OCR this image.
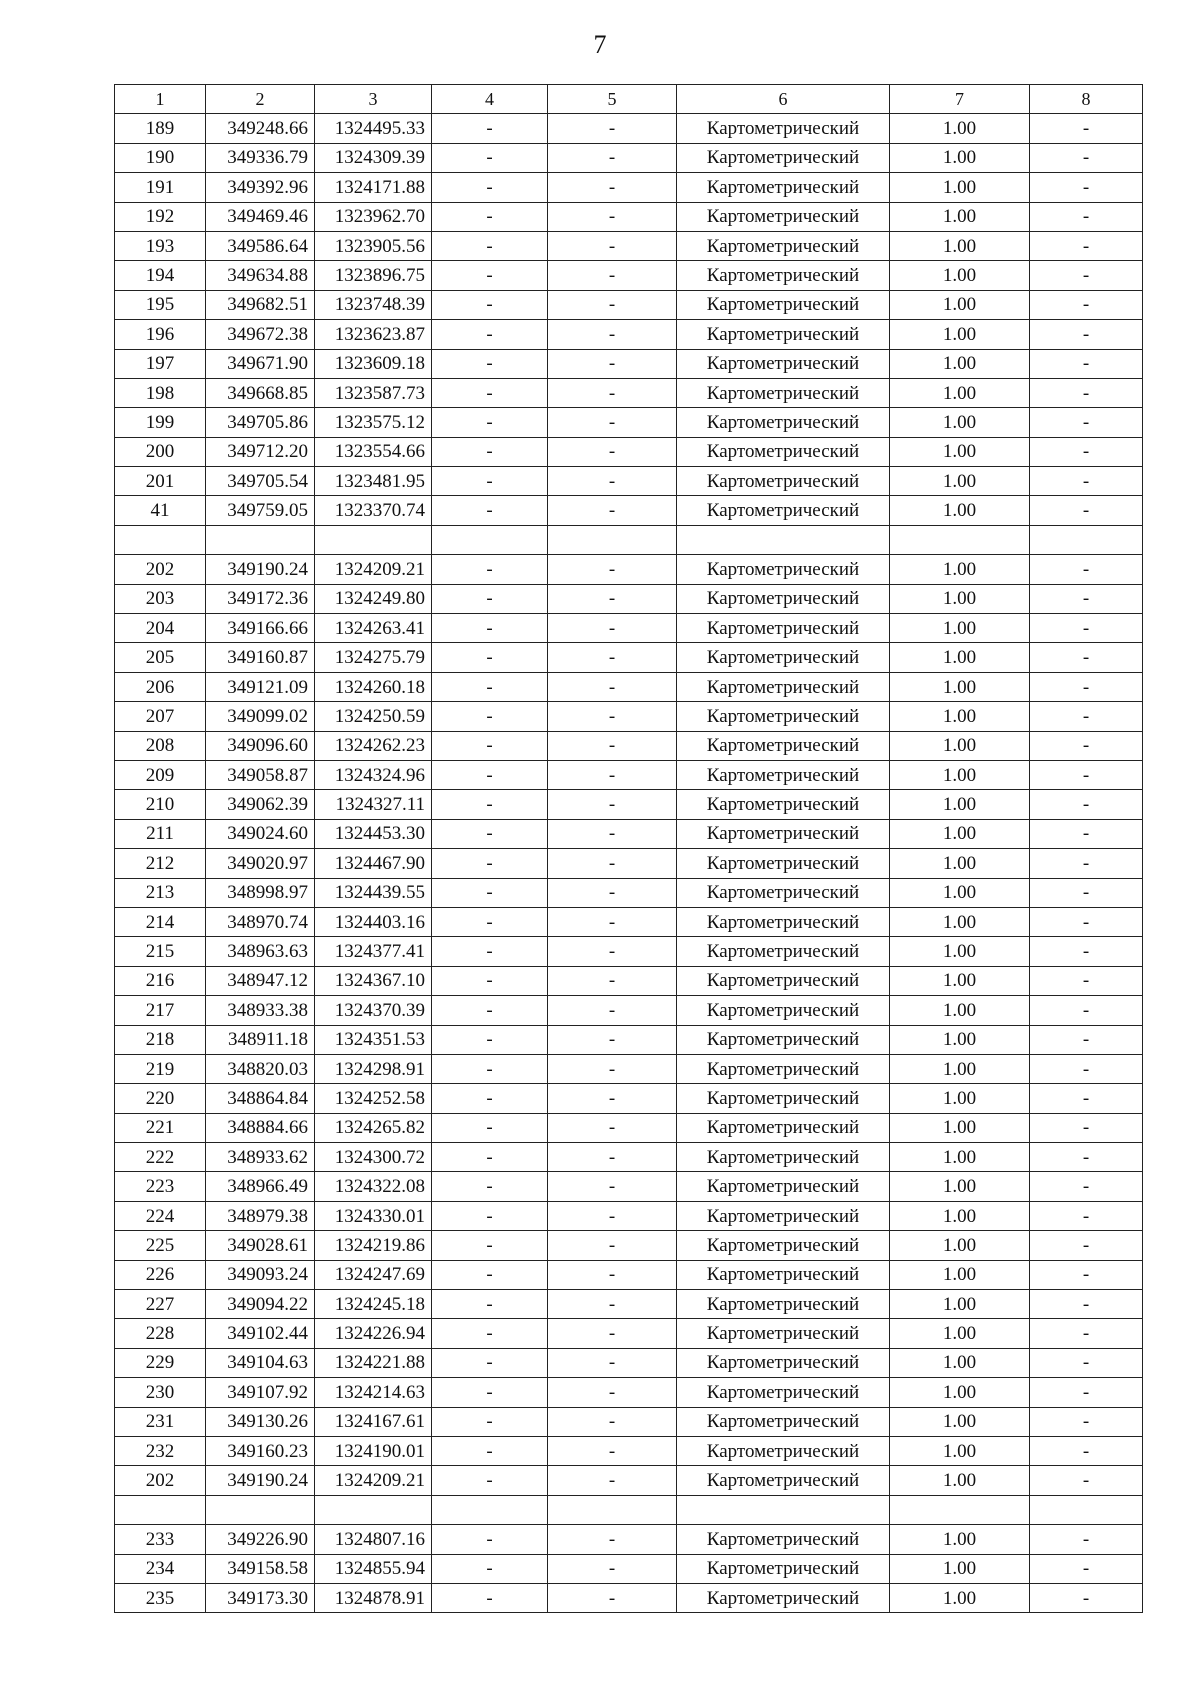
7
1	2	3	4	5	6	7	8
189	349248.66	1324495.33	-	-	Картометрический	1.00	-
190	349336.79	1324309.39	-	-	Картометрический	1.00	-
191	349392.96	1324171.88	-	-	Картометрический	1.00	-
192	349469.46	1323962.70	-	-	Картометрический	1.00	-
193	349586.64	1323905.56	-	-	Картометрический	1.00	-
194	349634.88	1323896.75	-	-	Картометрический	1.00	-
195	349682.51	1323748.39	-	-	Картометрический	1.00	-
196	349672.38	1323623.87	-	-	Картометрический	1.00	-
197	349671.90	1323609.18	-	-	Картометрический	1.00	-
198	349668.85	1323587.73	-	-	Картометрический	1.00	-
199	349705.86	1323575.12	-	-	Картометрический	1.00	-
200	349712.20	1323554.66	-	-	Картометрический	1.00	-
201	349705.54	1323481.95	-	-	Картометрический	1.00	-
41	349759.05	1323370.74	-	-	Картометрический	1.00	-

202	349190.24	1324209.21	-	-	Картометрический	1.00	-
203	349172.36	1324249.80	-	-	Картометрический	1.00	-
204	349166.66	1324263.41	-	-	Картометрический	1.00	-
205	349160.87	1324275.79	-	-	Картометрический	1.00	-
206	349121.09	1324260.18	-	-	Картометрический	1.00	-
207	349099.02	1324250.59	-	-	Картометрический	1.00	-
208	349096.60	1324262.23	-	-	Картометрический	1.00	-
209	349058.87	1324324.96	-	-	Картометрический	1.00	-
210	349062.39	1324327.11	-	-	Картометрический	1.00	-
211	349024.60	1324453.30	-	-	Картометрический	1.00	-
212	349020.97	1324467.90	-	-	Картометрический	1.00	-
213	348998.97	1324439.55	-	-	Картометрический	1.00	-
214	348970.74	1324403.16	-	-	Картометрический	1.00	-
215	348963.63	1324377.41	-	-	Картометрический	1.00	-
216	348947.12	1324367.10	-	-	Картометрический	1.00	-
217	348933.38	1324370.39	-	-	Картометрический	1.00	-
218	348911.18	1324351.53	-	-	Картометрический	1.00	-
219	348820.03	1324298.91	-	-	Картометрический	1.00	-
220	348864.84	1324252.58	-	-	Картометрический	1.00	-
221	348884.66	1324265.82	-	-	Картометрический	1.00	-
222	348933.62	1324300.72	-	-	Картометрический	1.00	-
223	348966.49	1324322.08	-	-	Картометрический	1.00	-
224	348979.38	1324330.01	-	-	Картометрический	1.00	-
225	349028.61	1324219.86	-	-	Картометрический	1.00	-
226	349093.24	1324247.69	-	-	Картометрический	1.00	-
227	349094.22	1324245.18	-	-	Картометрический	1.00	-
228	349102.44	1324226.94	-	-	Картометрический	1.00	-
229	349104.63	1324221.88	-	-	Картометрический	1.00	-
230	349107.92	1324214.63	-	-	Картометрический	1.00	-
231	349130.26	1324167.61	-	-	Картометрический	1.00	-
232	349160.23	1324190.01	-	-	Картометрический	1.00	-
202	349190.24	1324209.21	-	-	Картометрический	1.00	-

233	349226.90	1324807.16	-	-	Картометрический	1.00	-
234	349158.58	1324855.94	-	-	Картометрический	1.00	-
235	349173.30	1324878.91	-	-	Картометрический	1.00	-
